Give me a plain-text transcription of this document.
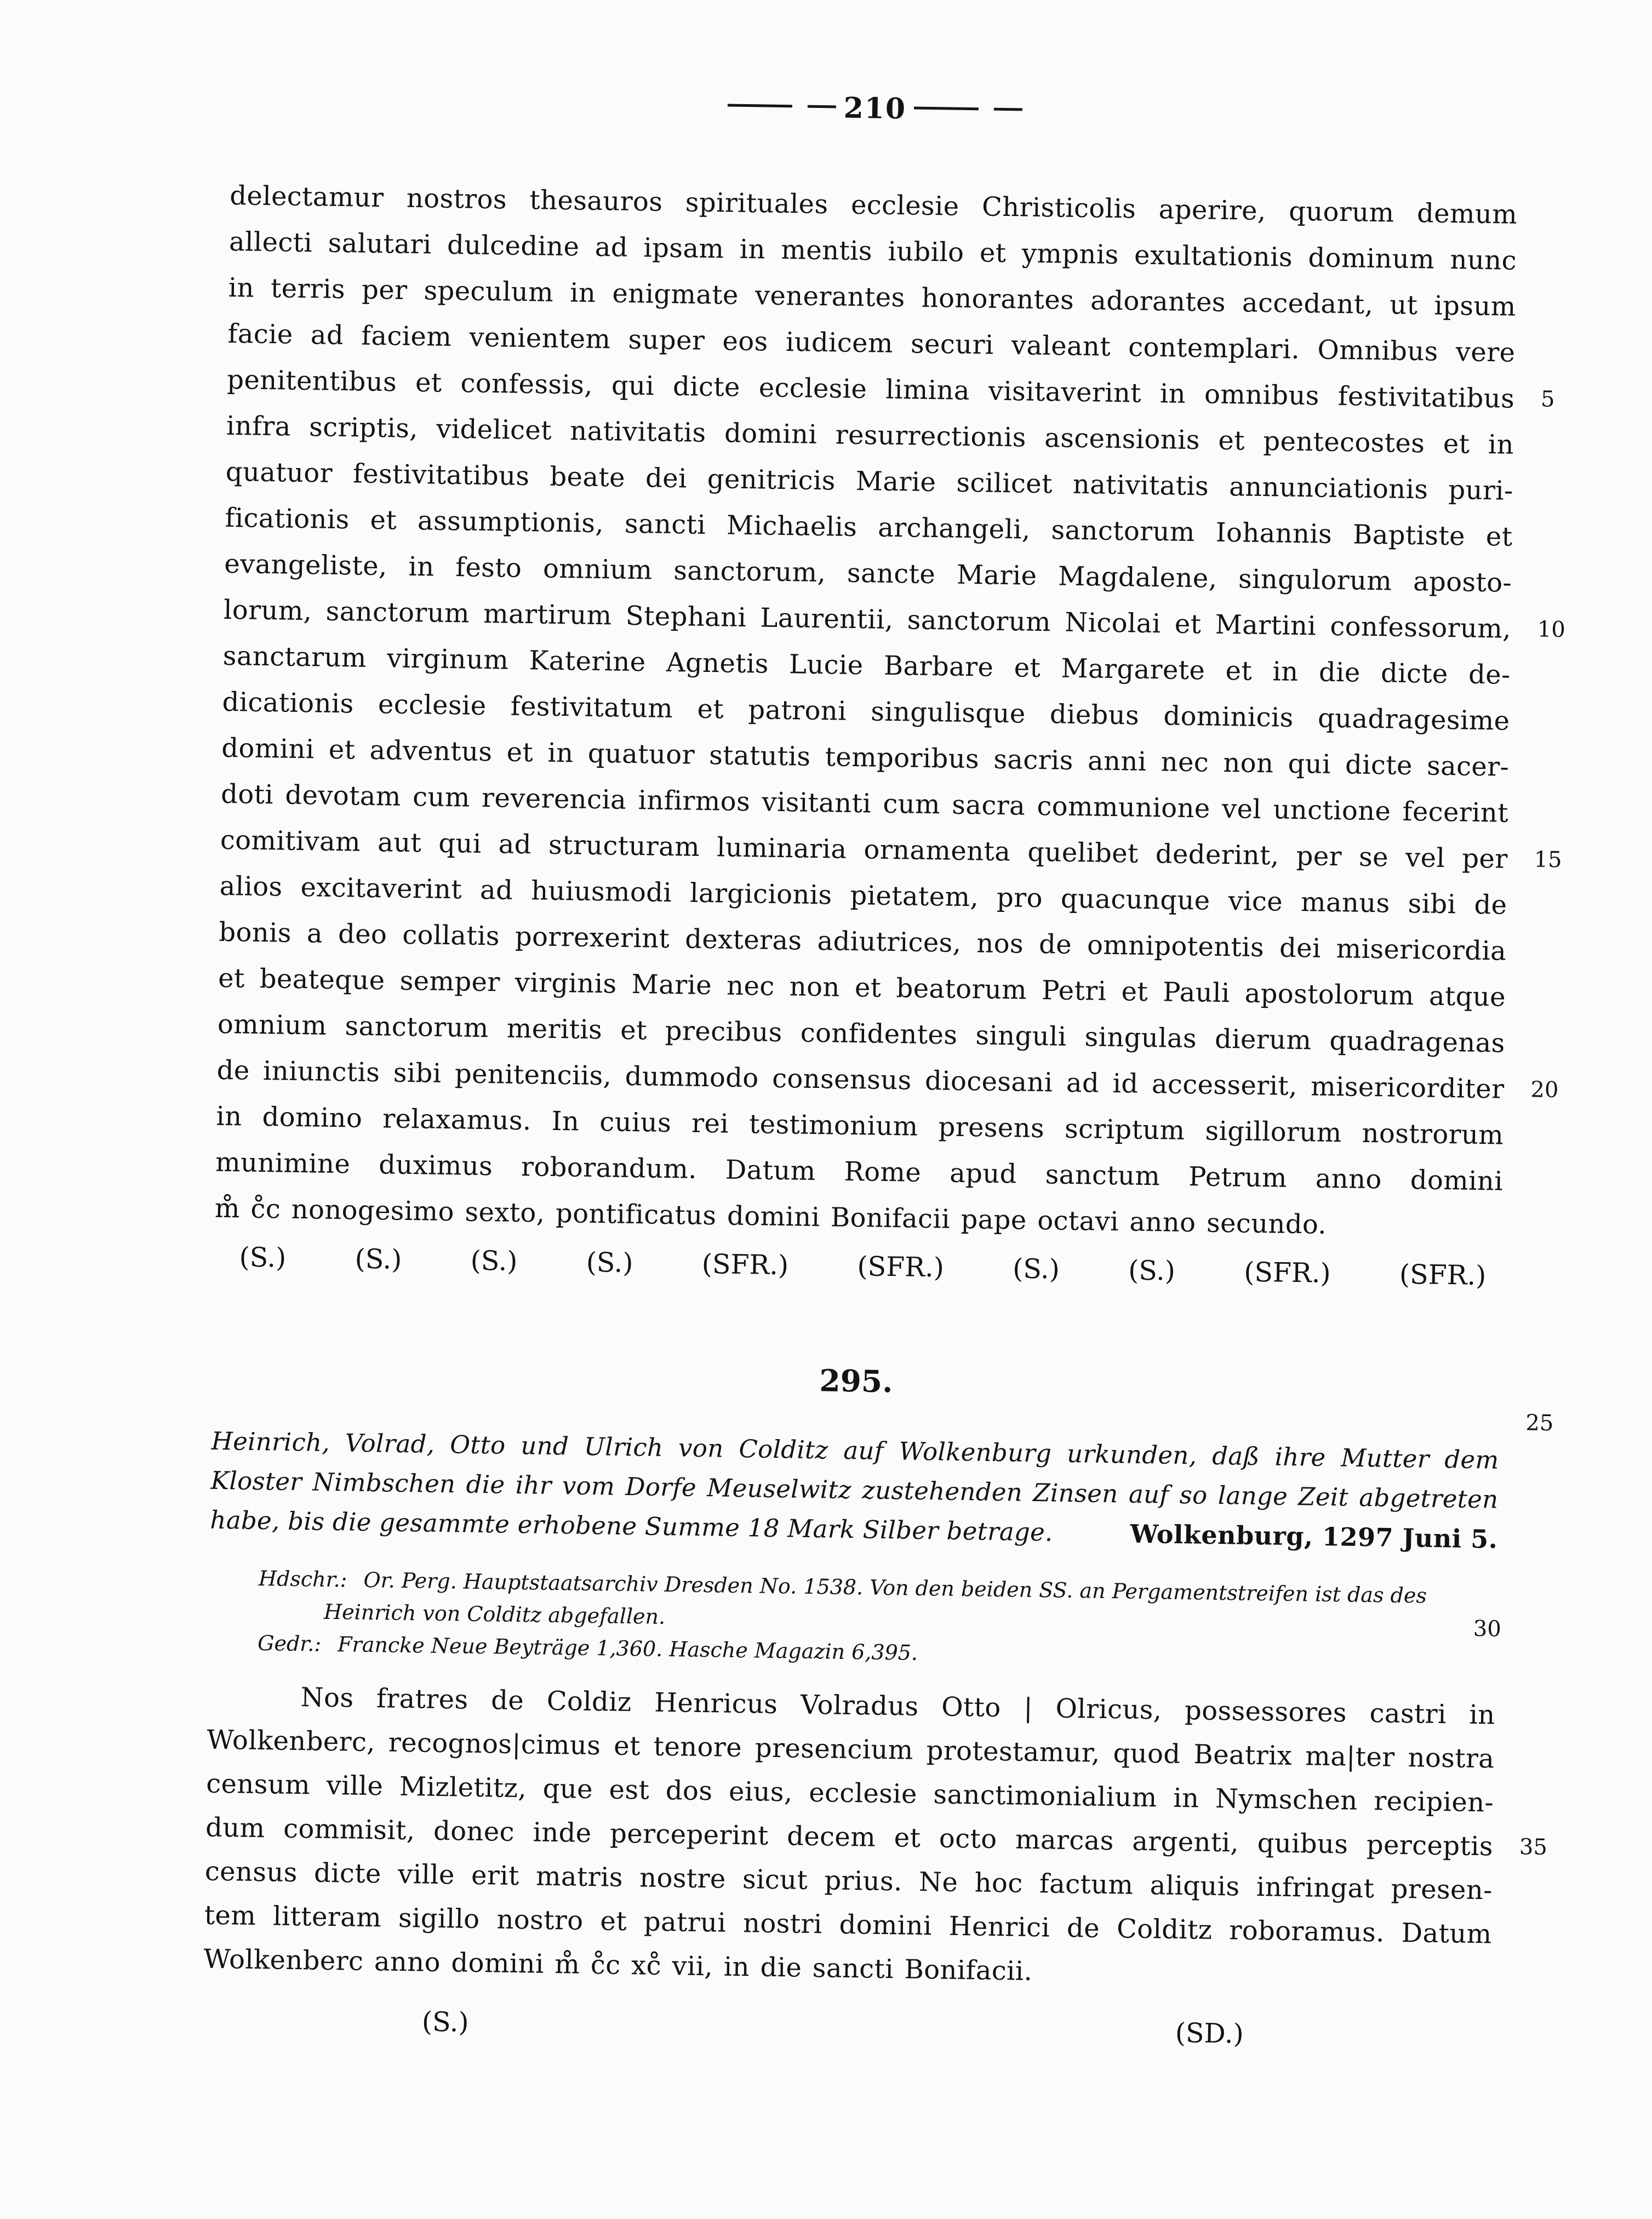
210
delectamur nostros thesauros spirituales ecclesie Christicolis aperire, quorum demum
allecti salutari dulcedine ad ipsam in mentis iubilo et ympnis exultationis dominum nunc
in terris per speculum in enigmate venerantes honorantes adorantes accedant, ut ipsum
facie ad faciem venientem super eos iudicem securi valeant contemplari. Omnibus vere
penitentibus et confessis, qui dicte ecclesie limina visitaverint in omnibus festivitatibus 5
infra scriptis, videlicet nativitatis domini resurrectionis ascensionis et pentecostes et in
quatuor festivitatibus beate dei genitricis Marie scilicet nativitatis annunciationis puri-
ficationis et assumptionis, sancti Michaelis archangeli, sanctorum Iohannis Baptiste et
evangeliste, in festo omnium sanctorum, sancte Marie Magdalene, singulorum aposto-
lorum, sanctorum martirum Stephani Laurentii, sanctorum Nicolai et Martini confessorum, 10
sanctarum virginum Katerine Agnetis Lucie Barbare et Margarete et in die dicte de-
dicationis ecclesie festivitatum et patroni singulisque diebus dominicis quadragesime
domini et adventus et in quatuor statutis temporibus sacris anni nec non qui dicte sacer-
doti devotam cum reverencia infirmos visitanti cum sacra communione vel unctione fecerint
comitivam aut qui ad structuram luminaria ornamenta quelibet dederint, per se vel per 15
alios excitaverint ad huiusmodi largicionis pietatem, pro quacunque vice manus sibi de
bonis a deo collatis porrexerint dexteras adiutrices, nos de omnipotentis dei misericordia
et beateque semper virginis Marie nec non et beatorum Petri et Pauli apostolorum atque
omnium sanctorum meritis et precibus confidentes singuli singulas dierum quadragenas
de iniunctis sibi penitenciis, dummodo consensus diocesani ad id accesserit, misericorditer 20
in domino relaxamus. In cuius rei testimonium presens scriptum sigillorum nostrorum
munimine duximus roborandum. Datum Rome apud sanctum Petrum anno domini
m̊ c̊c nonogesimo sexto, pontificatus domini Bonifacii pape octavi anno secundo.
(S.)	(S.)	(S.)	(S.)	(SFR.)	(SFR.)	(S.)	(S.)	(SFR.)	(SFR.)
295.
25
Heinrich, Volrad, Otto und Ulrich von Colditz auf Wolkenburg urkunden, daß ihre Mutter dem
Kloster Nimbschen die ihr vom Dorfe Meuselwitz zustehenden Zinsen auf so lange Zeit abgetreten
Wolkenburg, 1297 Juni 5.
habe, bis die gesammte erhobene Summe 18 Mark Silber betrage.
Hdschr.: Or. Perg. Hauptstaatsarchiv Dresden No. 1538. Von den beiden SS. an Pergamentstreifen ist das des
Heinrich von Colditz abgefallen.
30
Gedr.: Francke Neue Beyträge 1,360. Hasche Magazin 6,395.
Nos fratres de Coldiz Henricus Volradus Otto | Olricus, possessores castri in
Wolkenberc, recognos|cimus et tenore presencium protestamur, quod Beatrix ma|ter nostra
censum ville Mizletitz, que est dos eius, ecclesie sanctimonialium in Nymschen recipien-
dum commisit, donec inde perceperint decem et octo marcas argenti, quibus perceptis 35
census dicte ville erit matris nostre sicut prius. Ne hoc factum aliquis infringat presen-
tem litteram sigillo nostro et patrui nostri domini Henrici de Colditz roboramus. Datum
Wolkenberc anno domini m̊ c̊c xc̊ vii, in die sancti Bonifacii.
(S.)	(SD.)
